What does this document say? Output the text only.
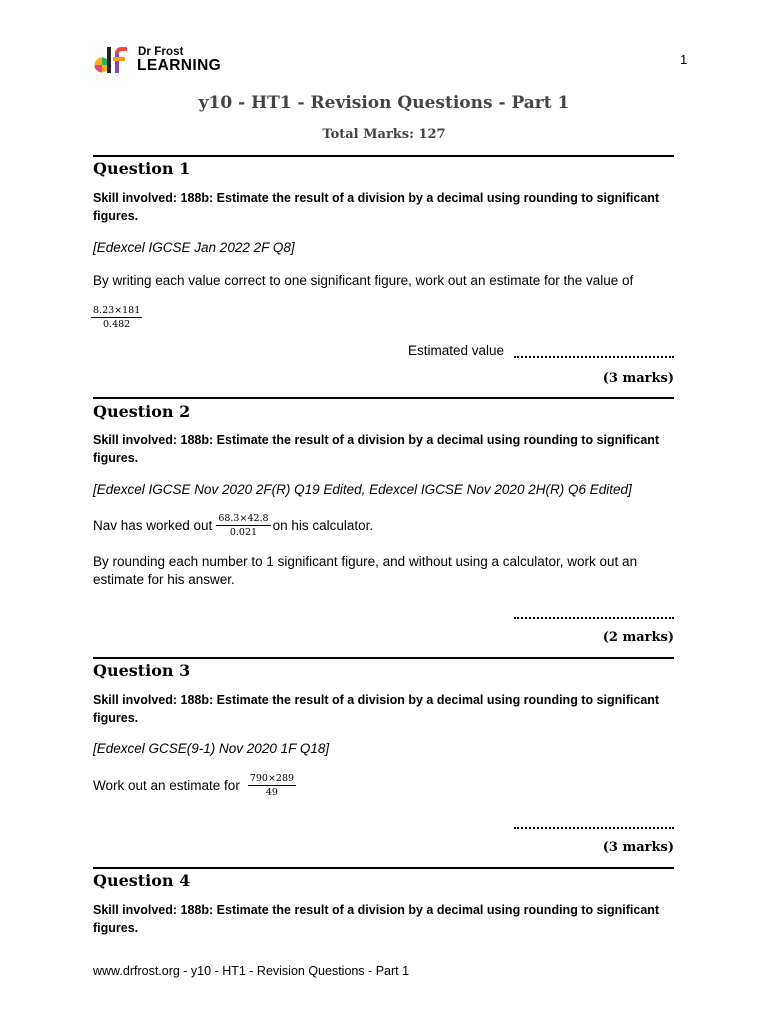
Dr Frost
LEARNING	1
y10 - HT1 - Revision Questions - Part 1
Total Marks: 127
Question 1
Skill involved: 188b: Estimate the result of a division by a decimal using rounding to significant figures.
[Edexcel IGCSE Jan 2022 2F Q8]
By writing each value correct to one significant figure, work out an estimate for the value of
$\frac{8.23\times 181}{0.482}$
Estimated value
(3 marks)
Question 2
Skill involved: 188b: Estimate the result of a division by a decimal using rounding to significant figures.
[Edexcel IGCSE Nov 2020 2F(R) Q19 Edited, Edexcel IGCSE Nov 2020 2H(R) Q6 Edited]
Nav has worked out $\frac{68.3\times 42.8}{0.021}$ on his calculator.
By rounding each number to 1 significant figure, and without using a calculator, work out an estimate for his answer.
(2 marks)
Question 3
Skill involved: 188b: Estimate the result of a division by a decimal using rounding to significant figures.
[Edexcel GCSE(9-1) Nov 2020 1F Q18]
Work out an estimate for $\frac{790\times 289}{49}$
(3 marks)
Question 4
Skill involved: 188b: Estimate the result of a division by a decimal using rounding to significant figures.
www.drfrost.org - y10 - HT1 - Revision Questions - Part 1
